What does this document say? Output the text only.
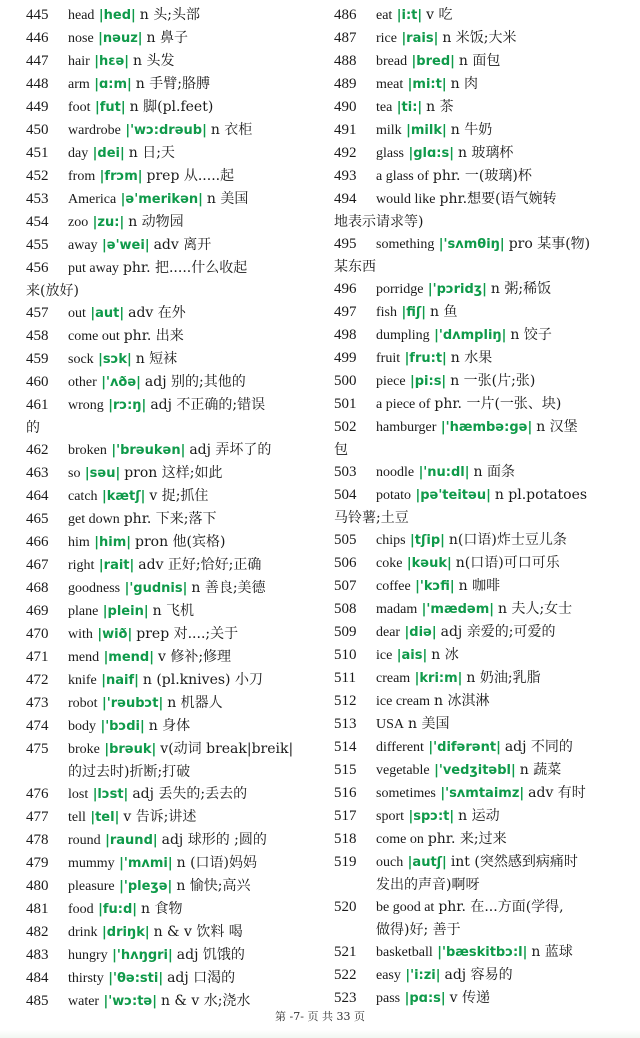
445	head |hed| n 头;头部
446	nose |nəuz| n 鼻子
447	hair |hɛə| n 头发
448	arm |ɑ:m| n 手臂;胳膊
449	foot |fut| n 脚(pl.feet)
450	wardrobe |'wɔ:drəub| n 衣柜
451	day |dei| n 日;天
452	from |frɔm| prep 从.....起
453	America |ə'merikən| n 美国
454	zoo |zu:| n 动物园
455	away |ə'wei| adv 离开
456	put away phr. 把.....什么收起
来(放好)
457	out |aut| adv 在外
458	come out phr. 出来
459	sock |sɔk| n 短袜
460	other |'ʌðə| adj 别的;其他的
461	wrong |rɔ:ŋ| adj 不正确的;错误
的
462	broken |'brəukən| adj 弄坏了的
463	so |səu| pron 这样;如此
464	catch |kætʃ| v 捉;抓住
465	get down phr. 下来;落下
466	him |him| pron 他(宾格)
467	right |rait| adv 正好;恰好;正确
468	goodness |'gudnis| n 善良;美德
469	plane |plein| n 飞机
470	with |wið| prep 对....;关于
471	mend |mend| v 修补;修理
472	knife |naif| n (pl.knives) 小刀
473	robot |'rəubɔt| n 机器人
474	body |'bɔdi| n 身体
475	broke |brəuk| v(动词 break|breik|
的过去时)折断;打破
476	lost |lɔst| adj 丢失的;丢去的
477	tell |tel| v 告诉;讲述
478	round |raund| adj 球形的 ;圆的
479	mummy |'mʌmi| n (口语)妈妈
480	pleasure |'pleʒə| n 愉快;高兴
481	food |fu:d| n 食物
482	drink |driŋk| n & v 饮料 喝
483	hungry |'hʌŋgri| adj 饥饿的
484	thirsty |'θə:sti| adj 口渴的
485	water |'wɔ:tə| n & v 水;浇水
486	eat |i:t| v 吃
487	rice |rais| n 米饭;大米
488	bread |bred| n 面包
489	meat |mi:t| n 肉
490	tea |ti:| n 茶
491	milk |milk| n 牛奶
492	glass |glɑ:s| n 玻璃杯
493	a glass of phr. 一(玻璃)杯
494	would like phr.想要(语气婉转
地表示请求等)
495	something |'sʌmθiŋ| pro 某事(物)
某东西
496	porridge |'pɔridʒ| n 粥;稀饭
497	fish |fiʃ| n 鱼
498	dumpling |'dʌmpliŋ| n 饺子
499	fruit |fru:t| n 水果
500	piece |pi:s| n 一张(片;张)
501	a piece of phr. 一片(一张、块)
502	hamburger |'hæmbə:gə| n 汉堡
包
503	noodle |'nu:dl| n 面条
504	potato |pə'teitəu| n pl.potatoes
马铃薯;土豆
505	chips |tʃip| n(口语)炸士豆儿条
506	coke |kəuk| n(口语)可口可乐
507	coffee |'kɔfi| n 咖啡
508	madam |'mædəm| n 夫人;女士
509	dear |diə| adj 亲爱的;可爱的
510	ice |ais| n 冰
511	cream |kri:m| n 奶油;乳脂
512	ice cream n 冰淇淋
513	USA n 美国
514	different |'difərənt| adj 不同的
515	vegetable |'vedʒitəbl| n 蔬菜
516	sometimes |'sʌmtaimz| adv 有时
517	sport |spɔ:t| n 运动
518	come on phr. 来;过来
519	ouch |autʃ| int (突然感到病痛时
发出的声音)啊呀
520	be good at phr. 在...方面(学得,
做得)好; 善于
521	basketball |'bæskitbɔ:l| n 蓝球
522	easy |'i:zi| adj 容易的
523	pass |pɑ:s| v 传递
第 -7- 页 共 33 页
